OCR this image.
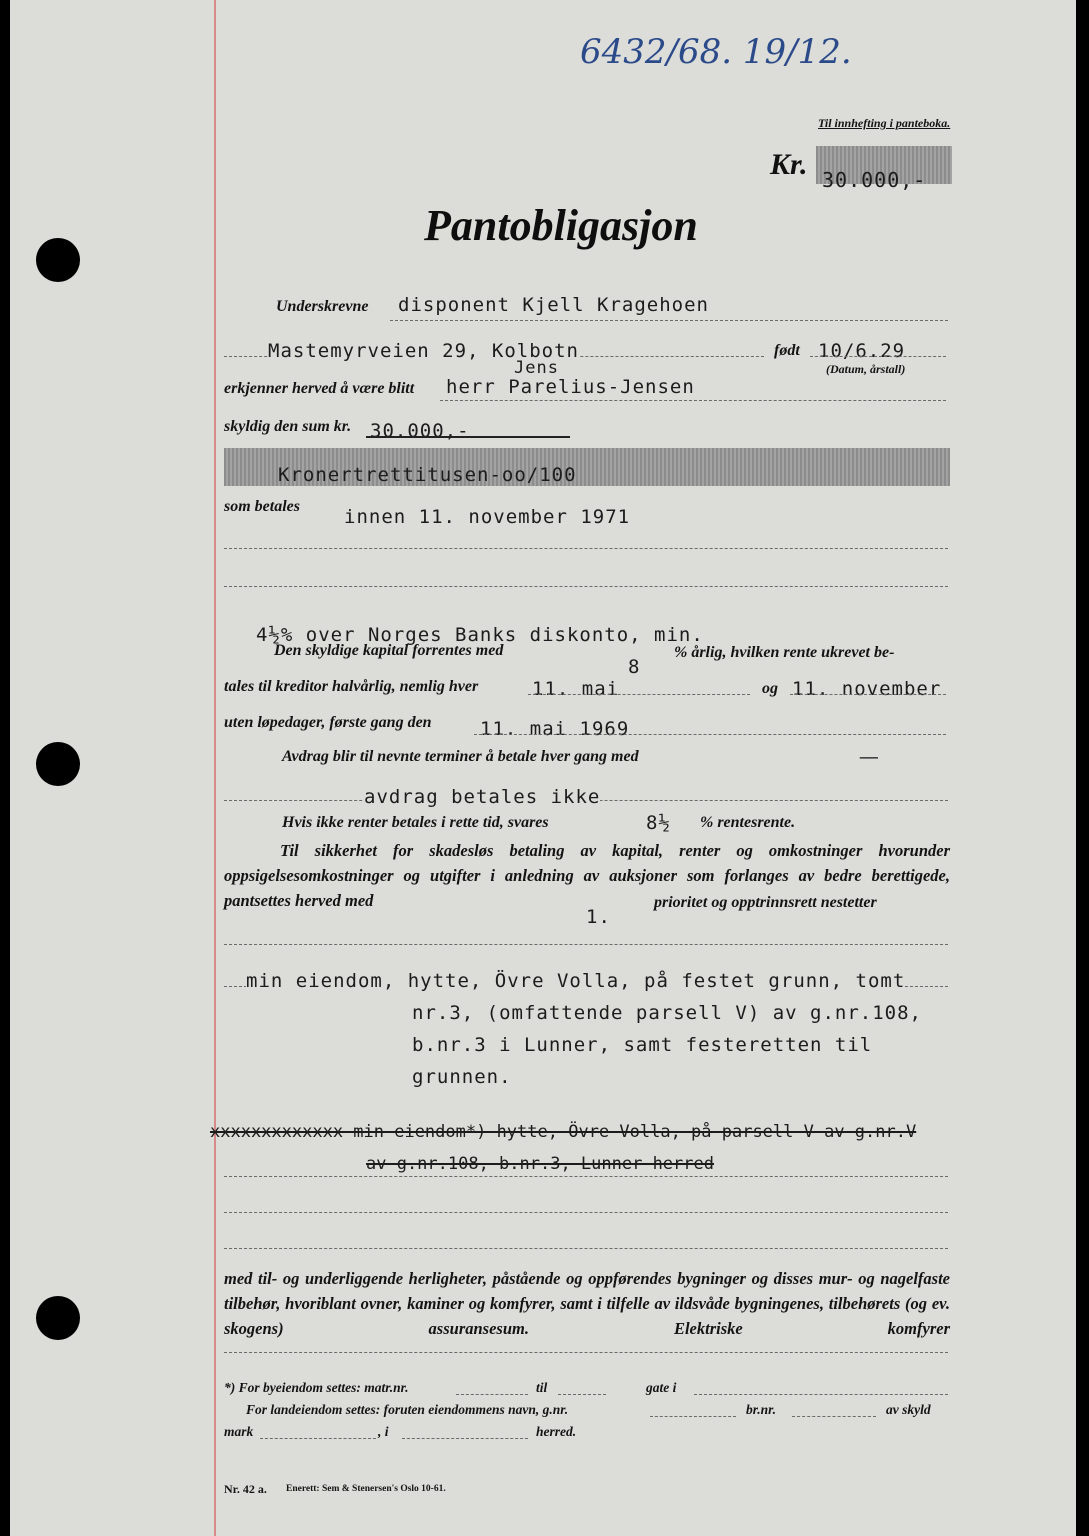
6432/68. 19/12.
Til innhefting i panteboka.
Kr. 30.000,-
Pantobligasjon
Underskrevne disponent Kjell Kragehoen
Mastemyrveien 29, Kolbotn	født 10/6.29
(Datum, årstall)
Jens
erkjenner herved å være blitt herr Parelius-Jensen
skyldig den sum kr. 30.000,-
Kronertrettitusen-oo/100
som betales innen 11. november 1971
4½% over Norges Banks diskonto, min.
Den skyldige kapital forrentes med
8
% årlig, hvilken rente ukrevet be-
tales til kreditor halvårlig, nemlig hver	11. mai	og 11. november
uten løpedager, første gang den	11. mai 1969
Avdrag blir til nevnte terminer å betale hver gang med	—
avdrag betales ikke
Hvis ikke renter betales i rette tid, svares	8½ % rentesrente.
Til sikkerhet for skadesløs betaling av kapital, renter og omkostninger hvorunder oppsigelsesomkostninger og utgifter i anledning av auksjoner som forlanges av bedre berettigede, pantsettes herved med
1.
prioritet og opptrinnsrett nestetter
min eiendom, hytte, Övre Volla, på festet grunn, tomt
nr.3, (omfattende parsell V) av g.nr.108,
b.nr.3 i Lunner, samt festeretten til
grunnen.
xxxxxxxxxxxxx min eiendom*) hytte, Övre Volla, på parsell V av g.nr.V
av g.nr.108, b.nr.3, Lunner herred
med til- og underliggende herligheter, påstående og oppførendes bygninger og disses mur- og nagelfaste tilbehør, hvoriblant ovner, kaminer og komfyrer, samt i tilfelle av ildsvåde bygningenes, tilbehørets (og ev. skogens) assuransesum. Elektriske komfyrer
*) For byeiendom settes: matr.nr.	til	gate i
For landeiendom settes: foruten eiendommens navn, g.nr.	br.nr.	av skyld
mark	, i	herred.
Nr. 42 a. Enerett: Sem & Stenersen's Oslo 10-61.
